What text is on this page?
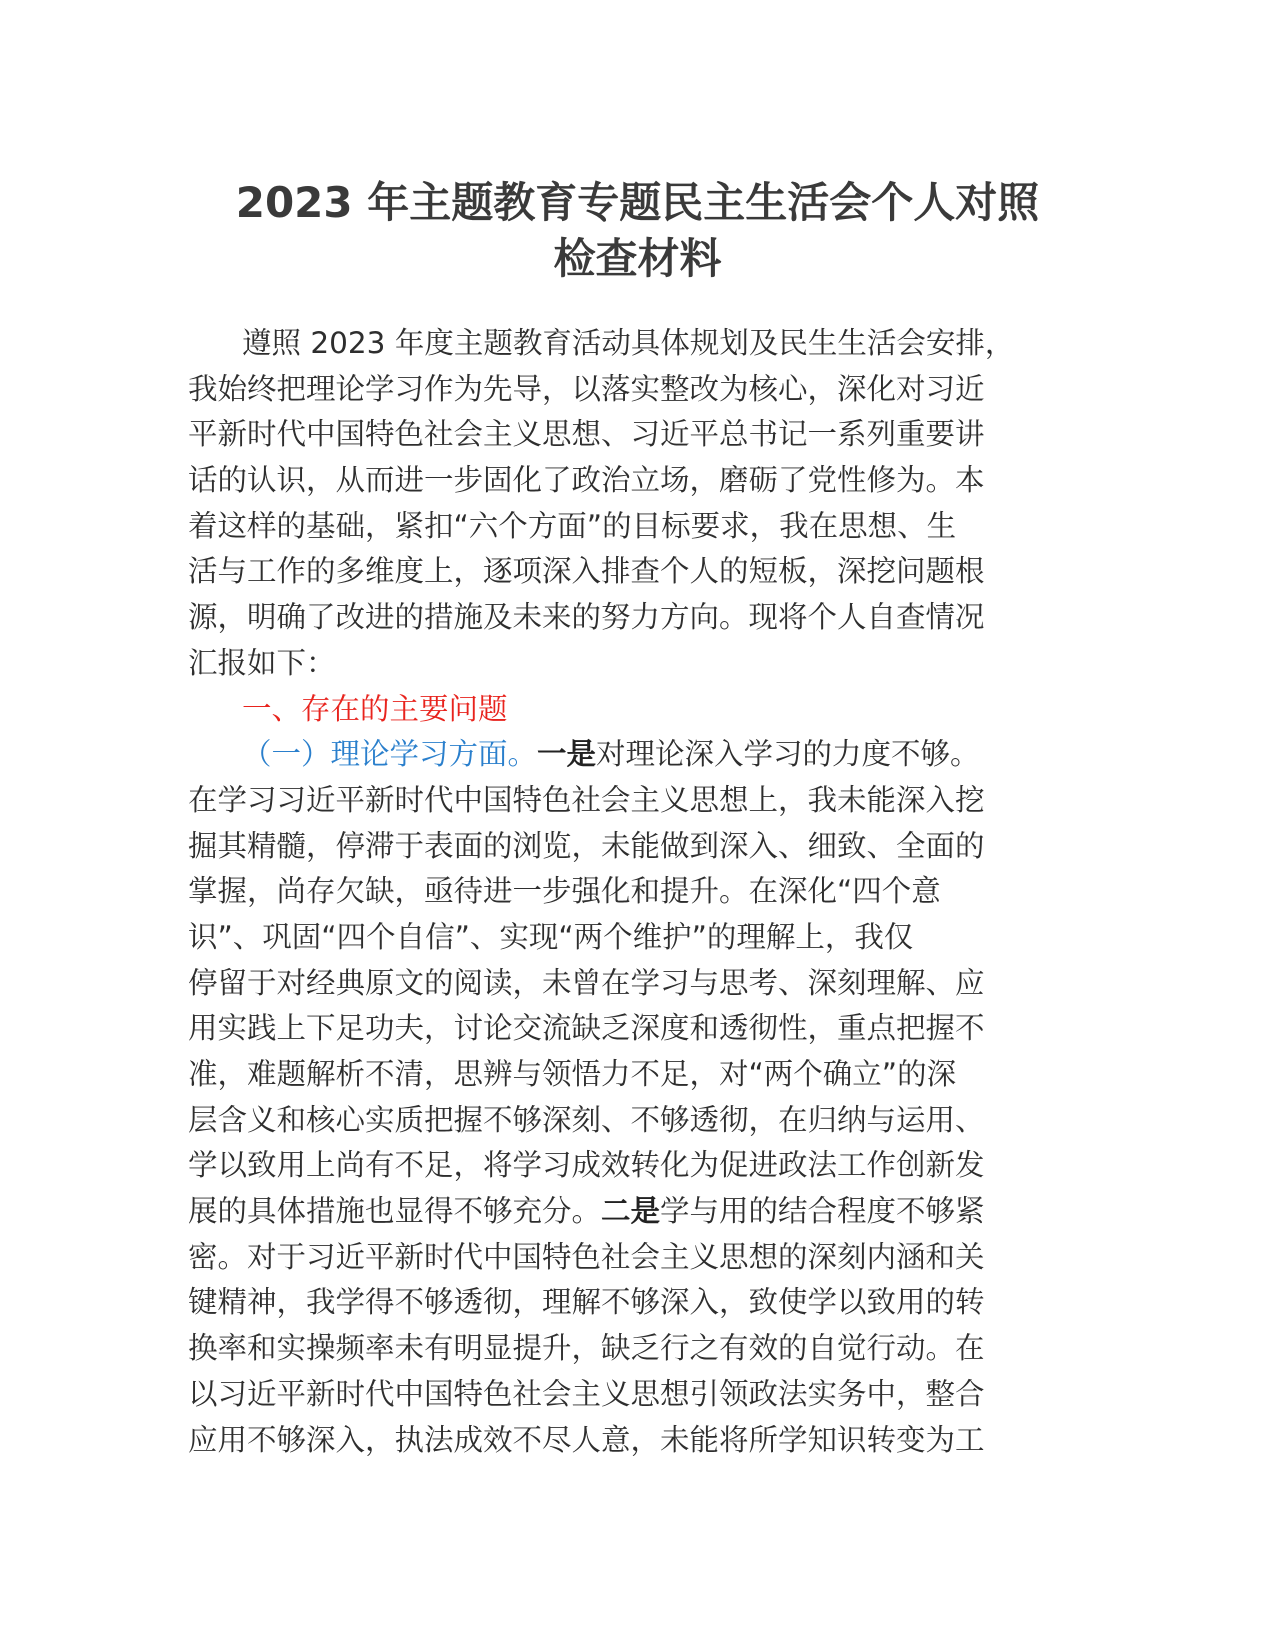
2023 年主题教育专题民主生活会个人对照
检查材料
遵照 2023 年度主题教育活动具体规划及民生生活会安排，
我始终把理论学习作为先导，以落实整改为核心，深化对习近
平新时代中国特色社会主义思想、习近平总书记一系列重要讲
话的认识，从而进一步固化了政治立场，磨砺了党性修为。本
着这样的基础，紧扣“六个方面”的目标要求，我在思想、生
活与工作的多维度上，逐项深入排查个人的短板，深挖问题根
源，明确了改进的措施及未来的努力方向。现将个人自查情况
汇报如下：
一、存在的主要问题
（一）理论学习方面。一是对理论深入学习的力度不够。
在学习习近平新时代中国特色社会主义思想上，我未能深入挖
掘其精髓，停滞于表面的浏览，未能做到深入、细致、全面的
掌握，尚存欠缺，亟待进一步强化和提升。在深化“四个意
识”、巩固“四个自信”、实现“两个维护”的理解上，我仅
停留于对经典原文的阅读，未曾在学习与思考、深刻理解、应
用实践上下足功夫，讨论交流缺乏深度和透彻性，重点把握不
准，难题解析不清，思辨与领悟力不足，对“两个确立”的深
层含义和核心实质把握不够深刻、不够透彻，在归纳与运用、
学以致用上尚有不足，将学习成效转化为促进政法工作创新发
展的具体措施也显得不够充分。二是学与用的结合程度不够紧
密。对于习近平新时代中国特色社会主义思想的深刻内涵和关
键精神，我学得不够透彻，理解不够深入，致使学以致用的转
换率和实操频率未有明显提升，缺乏行之有效的自觉行动。在
以习近平新时代中国特色社会主义思想引领政法实务中，整合
应用不够深入，执法成效不尽人意，未能将所学知识转变为工
